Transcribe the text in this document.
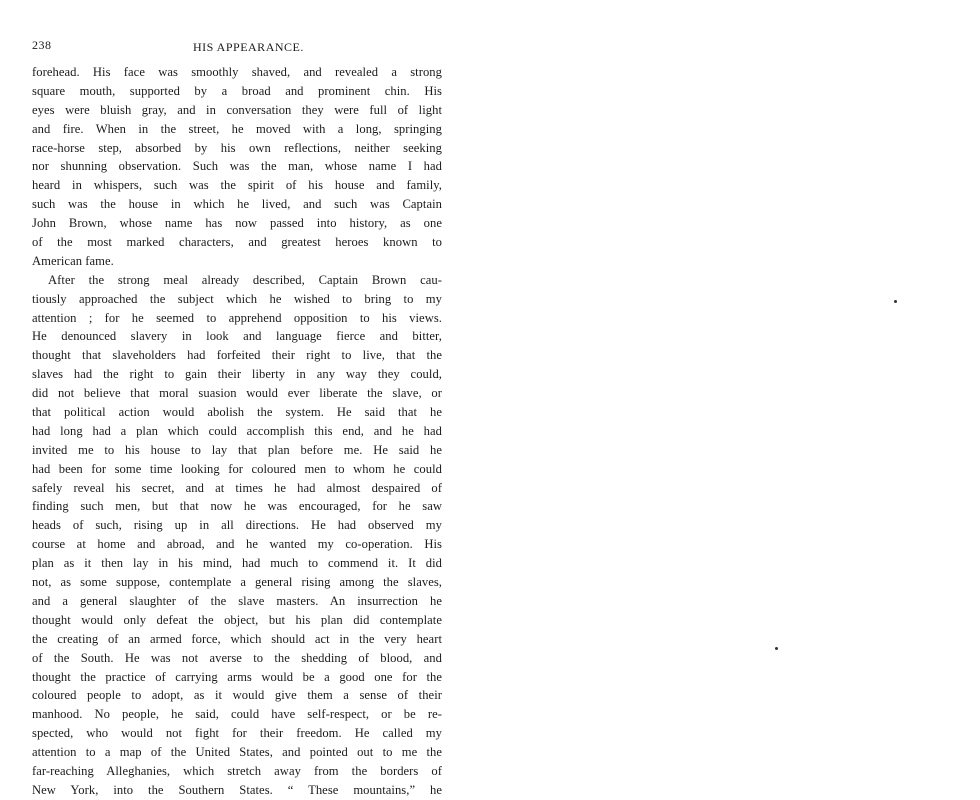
238	HIS APPEARANCE.
forehead. His face was smoothly shaved, and revealed a strong
square mouth, supported by a broad and prominent chin. His
eyes were bluish gray, and in conversation they were full of light
and fire. When in the street, he moved with a long, springing
race-horse step, absorbed by his own reflections, neither seeking
nor shunning observation. Such was the man, whose name I had
heard in whispers, such was the spirit of his house and family,
such was the house in which he lived, and such was Captain
John Brown, whose name has now passed into history, as one
of the most marked characters, and greatest heroes known to
American fame.
After the strong meal already described, Captain Brown cau-
tiously approached the subject which he wished to bring to my
attention ; for he seemed to apprehend opposition to his views.
He denounced slavery in look and language fierce and bitter,
thought that slaveholders had forfeited their right to live, that the
slaves had the right to gain their liberty in any way they could,
did not believe that moral suasion would ever liberate the slave, or
that political action would abolish the system. He said that he
had long had a plan which could accomplish this end, and he had
invited me to his house to lay that plan before me. He said he
had been for some time looking for coloured men to whom he could
safely reveal his secret, and at times he had almost despaired of
finding such men, but that now he was encouraged, for he saw
heads of such, rising up in all directions. He had observed my
course at home and abroad, and he wanted my co-operation. His
plan as it then lay in his mind, had much to commend it. It did
not, as some suppose, contemplate a general rising among the slaves,
and a general slaughter of the slave masters. An insurrection he
thought would only defeat the object, but his plan did contemplate
the creating of an armed force, which should act in the very heart
of the South. He was not averse to the shedding of blood, and
thought the practice of carrying arms would be a good one for the
coloured people to adopt, as it would give them a sense of their
manhood. No people, he said, could have self-respect, or be re-
spected, who would not fight for their freedom. He called my
attention to a map of the United States, and pointed out to me the
far-reaching Alleghanies, which stretch away from the borders of
New York, into the Southern States. “ These mountains,” he
